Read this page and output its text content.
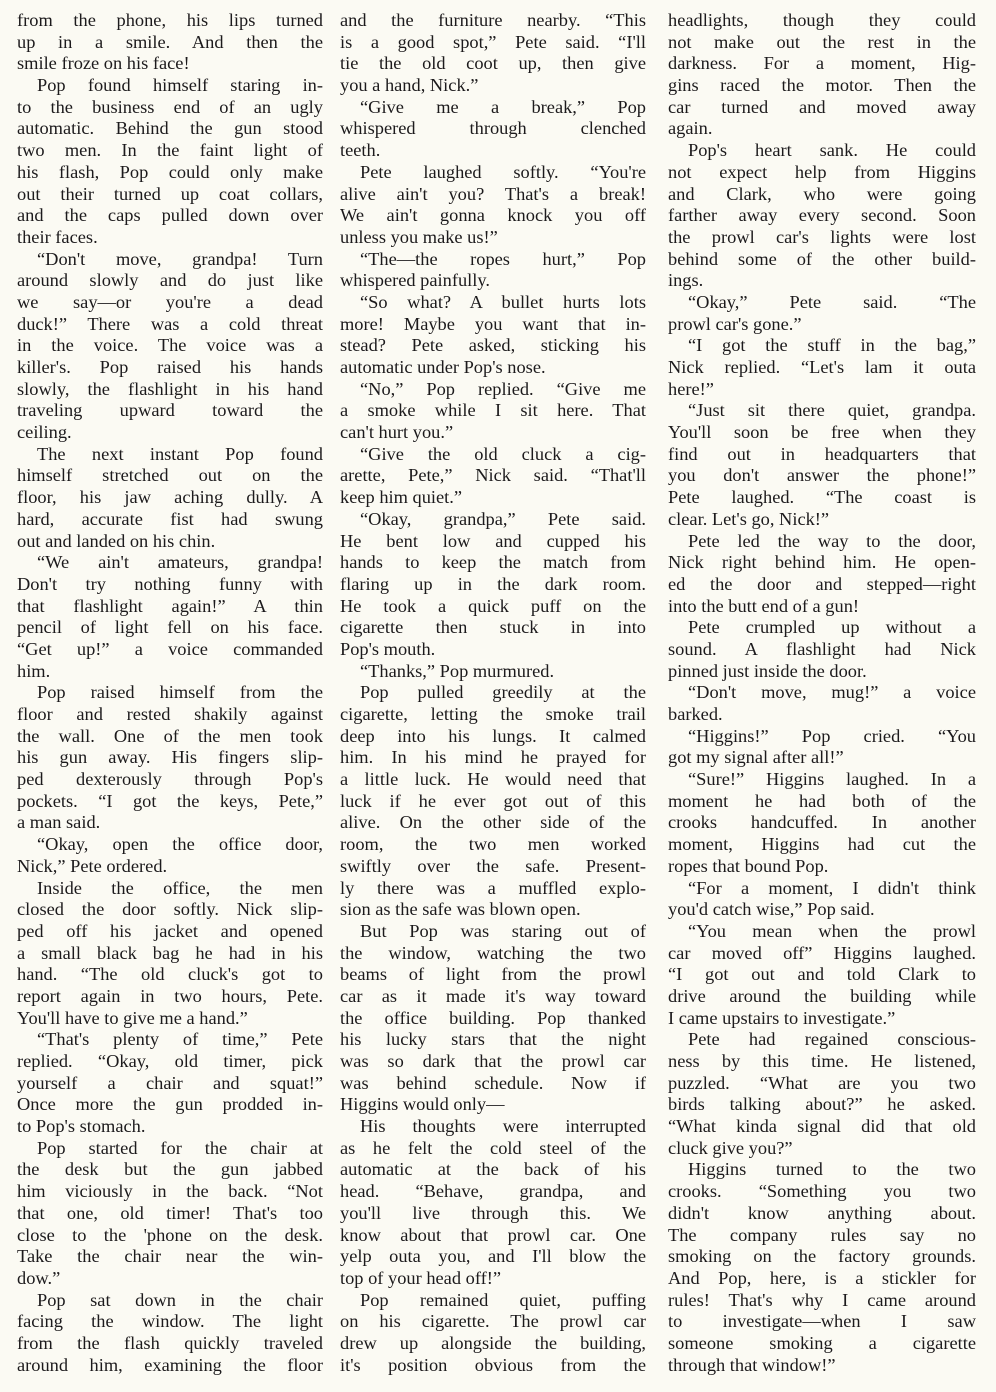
from the phone, his lips turned
up in a smile. And then the
smile froze on his face!
Pop found himself staring in-
to the business end of an ugly
automatic. Behind the gun stood
two men. In the faint light of
his flash, Pop could only make
out their turned up coat collars,
and the caps pulled down over
their faces.
“Don't move, grandpa! Turn
around slowly and do just like
we say—or you're a dead
duck!” There was a cold threat
in the voice. The voice was a
killer's. Pop raised his hands
slowly, the flashlight in his hand
traveling upward toward the
ceiling.
The next instant Pop found
himself stretched out on the
floor, his jaw aching dully. A
hard, accurate fist had swung
out and landed on his chin.
“We ain't amateurs, grandpa!
Don't try nothing funny with
that flashlight again!” A thin
pencil of light fell on his face.
“Get up!” a voice commanded
him.
Pop raised himself from the
floor and rested shakily against
the wall. One of the men took
his gun away. His fingers slip-
ped dexterously through Pop's
pockets. “I got the keys, Pete,”
a man said.
“Okay, open the office door,
Nick,” Pete ordered.
Inside the office, the men
closed the door softly. Nick slip-
ped off his jacket and opened
a small black bag he had in his
hand. “The old cluck's got to
report again in two hours, Pete.
You'll have to give me a hand.”
“That's plenty of time,” Pete
replied. “Okay, old timer, pick
yourself a chair and squat!”
Once more the gun prodded in-
to Pop's stomach.
Pop started for the chair at
the desk but the gun jabbed
him viciously in the back. “Not
that one, old timer! That's too
close to the 'phone on the desk.
Take the chair near the win-
dow.”
Pop sat down in the chair
facing the window. The light
from the flash quickly traveled
around him, examining the floor
and the furniture nearby. “This
is a good spot,” Pete said. “I'll
tie the old coot up, then give
you a hand, Nick.”
“Give me a break,” Pop
whispered through clenched
teeth.
Pete laughed softly. “You're
alive ain't you? That's a break!
We ain't gonna knock you off
unless you make us!”
“The—the ropes hurt,” Pop
whispered painfully.
“So what? A bullet hurts lots
more! Maybe you want that in-
stead? Pete asked, sticking his
automatic under Pop's nose.
“No,” Pop replied. “Give me
a smoke while I sit here. That
can't hurt you.”
“Give the old cluck a cig-
arette, Pete,” Nick said. “That'll
keep him quiet.”
“Okay, grandpa,” Pete said.
He bent low and cupped his
hands to keep the match from
flaring up in the dark room.
He took a quick puff on the
cigarette then stuck in into
Pop's mouth.
“Thanks,” Pop murmured.
Pop pulled greedily at the
cigarette, letting the smoke trail
deep into his lungs. It calmed
him. In his mind he prayed for
a little luck. He would need that
luck if he ever got out of this
alive. On the other side of the
room, the two men worked
swiftly over the safe. Present-
ly there was a muffled explo-
sion as the safe was blown open.
But Pop was staring out of
the window, watching the two
beams of light from the prowl
car as it made it's way toward
the office building. Pop thanked
his lucky stars that the night
was so dark that the prowl car
was behind schedule. Now if
Higgins would only—
His thoughts were interrupted
as he felt the cold steel of the
automatic at the back of his
head. “Behave, grandpa, and
you'll live through this. We
know about that prowl car. One
yelp outa you, and I'll blow the
top of your head off!”
Pop remained quiet, puffing
on his cigarette. The prowl car
drew up alongside the building,
it's position obvious from the
headlights, though they could
not make out the rest in the
darkness. For a moment, Hig-
gins raced the motor. Then the
car turned and moved away
again.
Pop's heart sank. He could
not expect help from Higgins
and Clark, who were going
farther away every second. Soon
the prowl car's lights were lost
behind some of the other build-
ings.
“Okay,” Pete said. “The
prowl car's gone.”
“I got the stuff in the bag,”
Nick replied. “Let's lam it outa
here!”
“Just sit there quiet, grandpa.
You'll soon be free when they
find out in headquarters that
you don't answer the phone!”
Pete laughed. “The coast is
clear. Let's go, Nick!”
Pete led the way to the door,
Nick right behind him. He open-
ed the door and stepped—right
into the butt end of a gun!
Pete crumpled up without a
sound. A flashlight had Nick
pinned just inside the door.
“Don't move, mug!” a voice
barked.
“Higgins!” Pop cried. “You
got my signal after all!”
“Sure!” Higgins laughed. In a
moment he had both of the
crooks handcuffed. In another
moment, Higgins had cut the
ropes that bound Pop.
“For a moment, I didn't think
you'd catch wise,” Pop said.
“You mean when the prowl
car moved off” Higgins laughed.
“I got out and told Clark to
drive around the building while
I came upstairs to investigate.”
Pete had regained conscious-
ness by this time. He listened,
puzzled. “What are you two
birds talking about?” he asked.
“What kinda signal did that old
cluck give you?”
Higgins turned to the two
crooks. “Something you two
didn't know anything about.
The company rules say no
smoking on the factory grounds.
And Pop, here, is a stickler for
rules! That's why I came around
to investigate—when I saw
someone smoking a cigarette
through that window!”
